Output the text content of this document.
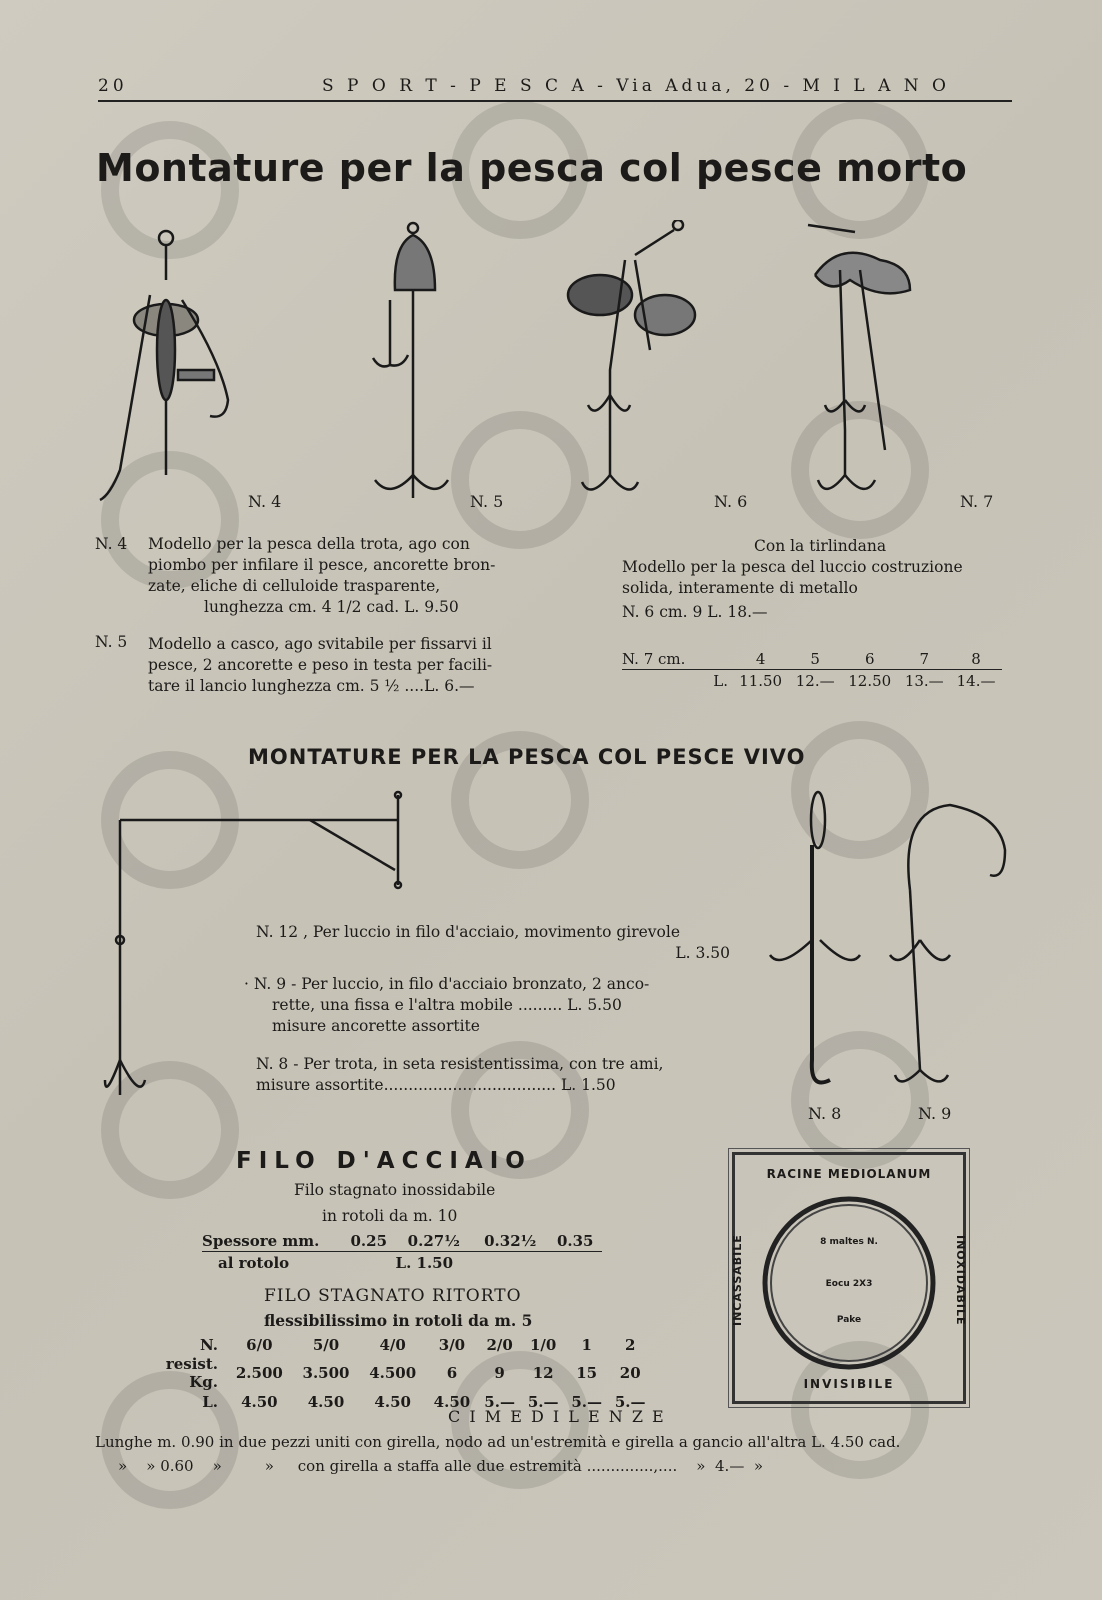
20	S P O R T - P E S C A - Via Adua, 20 - M I L A N O
Montature per la pesca col pesce morto
N. 4	N. 5	N. 6	N. 7
N. 4 Modello per la pesca della trota, ago con
piombo per infilare il pesce, ancorette bron-
zate, eliche di celluloide trasparente,
lunghezza cm. 4 1/2 cad. L. 9.50
N. 5 Modello a casco, ago svitabile per fissarvi il
pesce, 2 ancorette e peso in testa per facili-
tare il lancio lunghezza cm. 5 ½ ....L. 6.—
Con la tirlindana
Modello per la pesca del luccio costruzione
solida, interamente di metallo
N. 6 cm. 9 L. 18.—
N. 7 cm.	4	5	6	7	8
L.	11.50	12.—	12.50	13.—	14.—
MONTATURE PER LA PESCA COL PESCE VIVO
N. 12 , Per luccio in filo d'acciaio, movimento girevole
L. 3.50
· N. 9 - Per luccio, in filo d'acciaio bronzato, 2 anco-
rette, una fissa e l'altra mobile ......... L. 5.50
misure ancorette assortite
N. 8 - Per trota, in seta resistentissima, con tre ami,
misure assortite................................... L. 1.50
N. 8	N. 9
FILO D'ACCIAIO
Filo stagnato inossidabile
in rotoli da m. 10
Spessore mm.	0.25	0.27½	0.32½	0.35
al rotolo		L. 1.50		
FILO STAGNATO RITORTO
flessibilissimo in rotoli da m. 5
N.	6/0	5/0	4/0	3/0	2/0	1/0	1	2
resist. Kg.	2.500	3.500	4.500	6	9	12	15	20
L.	4.50	4.50	4.50	4.50	5.—	5.—	5.—	5.—
RACINE MEDIOLANUM
INCASSABILE	INOXIDABILE
INVISIBILE
8 maltes N.
Eocu 2X3
Pake
C I M E D I L E N Z E
Lunghe m. 0.90 in due pezzi uniti con girella, nodo ad un'estremità e girella a gancio all'altra L. 4.50 cad.
»    » 0.60    »         »     con girella a staffa alle due estremità ..............,....    »  4.—  »
